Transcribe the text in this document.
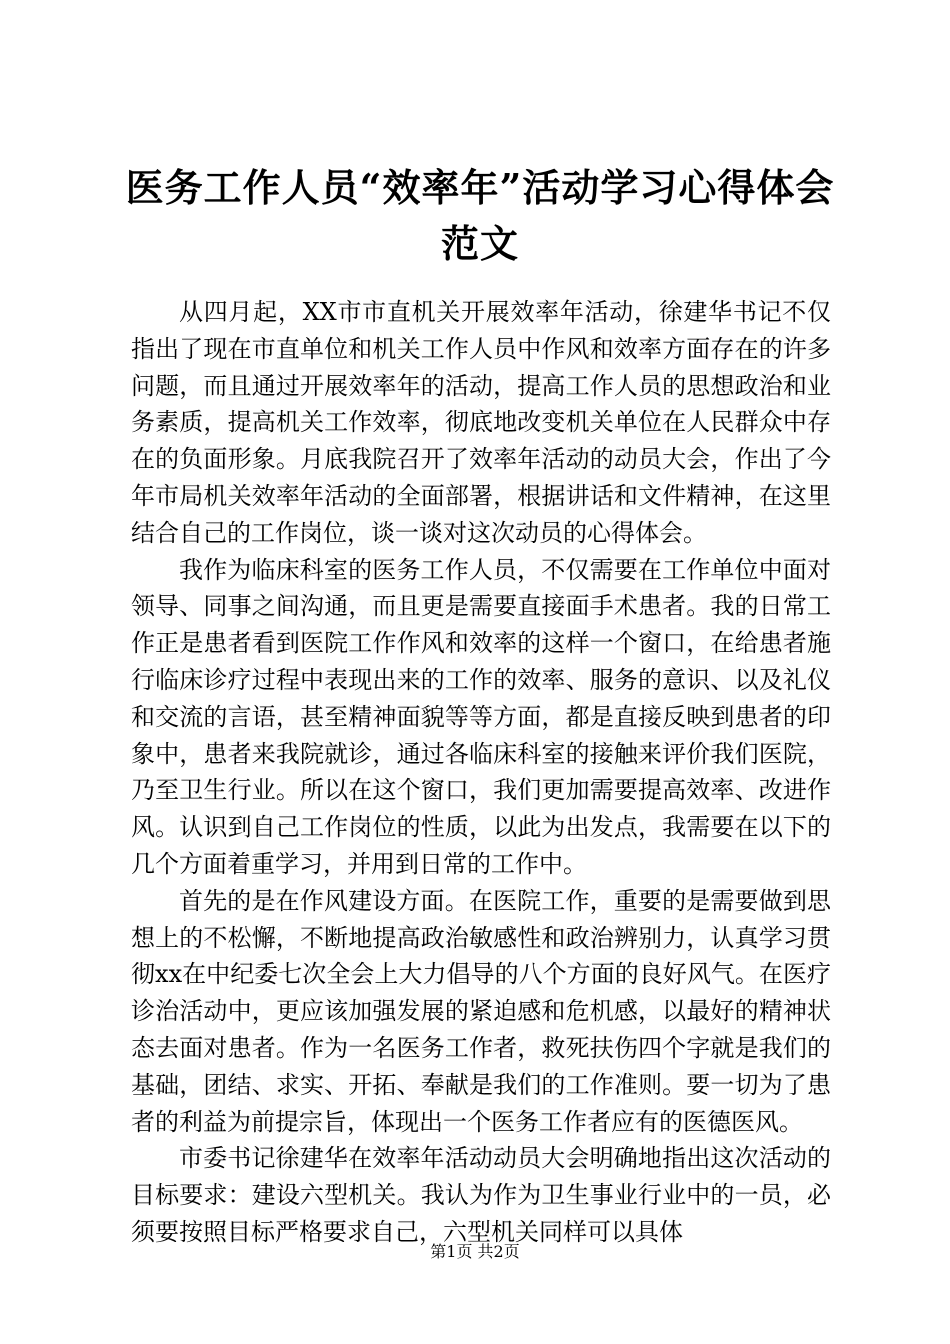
医务工作人员“效率年”活动学习心得体会范文

从四月起，XX市市直机关开展效率年活动，徐建华书记不仅指出了现在市直单位和机关工作人员中作风和效率方面存在的许多问题，而且通过开展效率年的活动，提高工作人员的思想政治和业务素质，提高机关工作效率，彻底地改变机关单位在人民群众中存在的负面形象。月底我院召开了效率年活动的动员大会，作出了今年市局机关效率年活动的全面部署，根据讲话和文件精神，在这里结合自己的工作岗位，谈一谈对这次动员的心得体会。

我作为临床科室的医务工作人员，不仅需要在工作单位中面对领导、同事之间沟通，而且更是需要直接面手术患者。我的日常工作正是患者看到医院工作作风和效率的这样一个窗口，在给患者施行临床诊疗过程中表现出来的工作的效率、服务的意识、以及礼仪和交流的言语，甚至精神面貌等等方面，都是直接反映到患者的印象中，患者来我院就诊，通过各临床科室的接触来评价我们医院，乃至卫生行业。所以在这个窗口，我们更加需要提高效率、改进作风。认识到自己工作岗位的性质，以此为出发点，我需要在以下的几个方面着重学习，并用到日常的工作中。

首先的是在作风建设方面。在医院工作，重要的是需要做到思想上的不松懈，不断地提高政治敏感性和政治辨别力，认真学习贯彻xx在中纪委七次全会上大力倡导的八个方面的良好风气。在医疗诊治活动中，更应该加强发展的紧迫感和危机感，以最好的精神状态去面对患者。作为一名医务工作者，救死扶伤四个字就是我们的基础，团结、求实、开拓、奉献是我们的工作准则。要一切为了患者的利益为前提宗旨，体现出一个医务工作者应有的医德医风。

市委书记徐建华在效率年活动动员大会明确地指出这次活动的目标要求：建设六型机关。我认为作为卫生事业行业中的一员，必须要按照目标严格要求自己，六型机关同样可以具体

第1页 共2页
